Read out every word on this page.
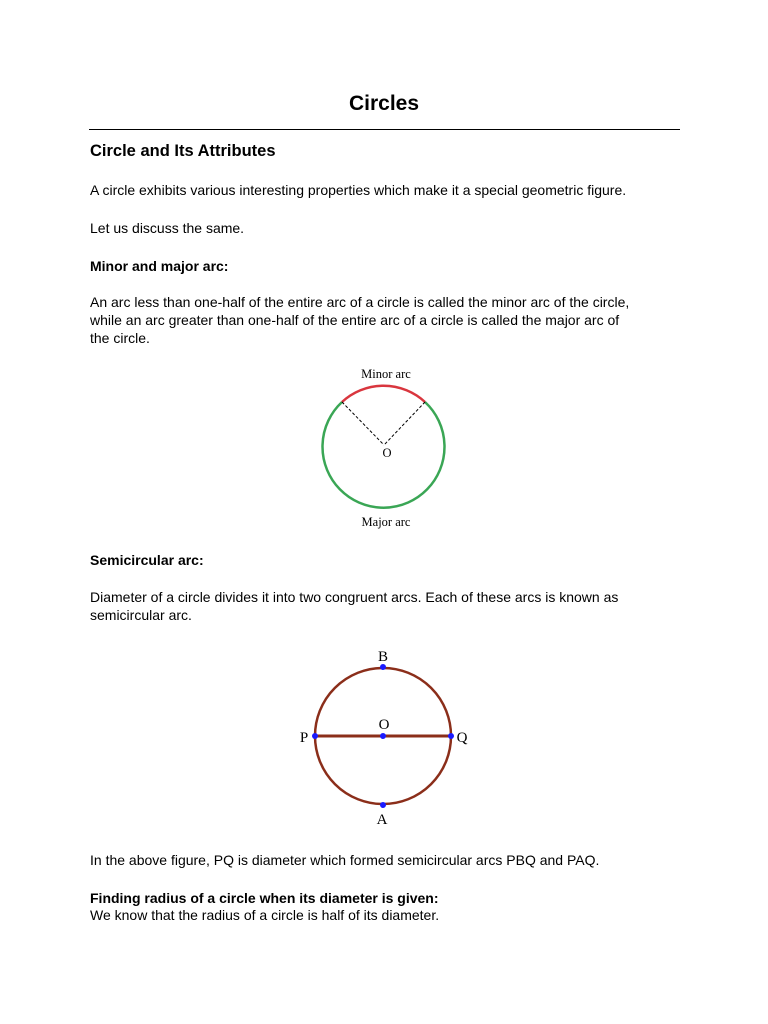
Circles
Circle and Its Attributes
A circle exhibits various interesting properties which make it a special geometric figure.
Let us discuss the same.
Minor and major arc:
An arc less than one-half of the entire arc of a circle is called the minor arc of the circle,
while an arc greater than one-half of the entire arc of a circle is called the major arc of
the circle.
Minor arc
O
Major arc
Semicircular arc:
Diameter of a circle divides it into two congruent arcs. Each of these arcs is known as
semicircular arc.
B
O
P	Q
A
In the above figure, PQ is diameter which formed semicircular arcs PBQ and PAQ.
Finding radius of a circle when its diameter is given:
We know that the radius of a circle is half of its diameter.
